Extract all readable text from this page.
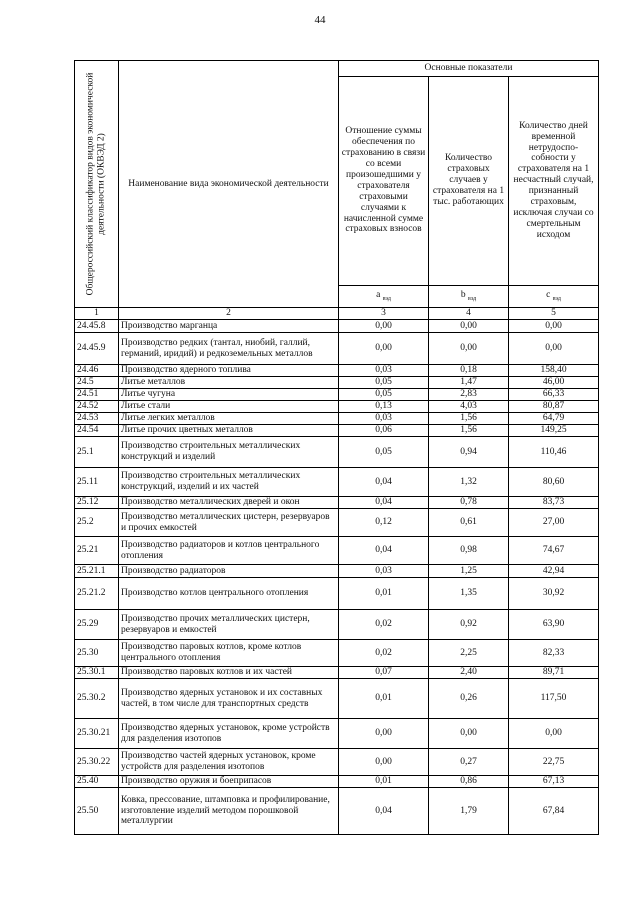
44
Общероссийский классификатор видов экономической деятельности (ОКВЭД 2)	Наименование вида экономической деятельности	Основные показатели		
		Отношение суммы обеспечения по страхованию в связи со всеми произошедшими у страхователя страховыми случаями к начисленной сумме страховых взносов	Количество страховых случаев у страхователя на 1 тыс. работающих	Количество дней временной нетрудоспо-собности у страхователя на 1 несчастный случай, признанный страховым, исключая случаи со смертельным исходом
		a $_{вэд}$	b $_{вэд}$	c $_{вэд}$
1	2	3	4	5
24.45.8	Производство марганца	0,00	0,00	0,00
24.45.9	Производство редких (тантал, ниобий, галлий, германий, иридий) и редкоземельных металлов	0,00	0,00	0,00
24.46	Производство ядерного топлива	0,03	0,18	158,40
24.5	Литье металлов	0,05	1,47	46,00
24.51	Литье чугуна	0,05	2,83	66,33
24.52	Литье стали	0,13	4,03	80,87
24.53	Литье легких металлов	0,03	1,56	64,79
24.54	Литье прочих цветных металлов	0,06	1,56	149,25
25.1	Производство строительных металлических конструкций и изделий	0,05	0,94	110,46
25.11	Производство строительных металлических конструкций, изделий и их частей	0,04	1,32	80,60
25.12	Производство металлических дверей и окон	0,04	0,78	83,73
25.2	Производство металлических цистерн, резервуаров и прочих емкостей	0,12	0,61	27,00
25.21	Производство радиаторов и котлов центрального отопления	0,04	0,98	74,67
25.21.1	Производство радиаторов	0,03	1,25	42,94
25.21.2	Производство котлов центрального отопления	0,01	1,35	30,92
25.29	Производство прочих металлических цистерн, резервуаров и емкостей	0,02	0,92	63,90
25.30	Производство паровых котлов, кроме котлов центрального отопления	0,02	2,25	82,33
25.30.1	Производство паровых котлов и их частей	0,07	2,40	89,71
25.30.2	Производство ядерных установок и их составных частей, в том числе для транспортных средств	0,01	0,26	117,50
25.30.21	Производство ядерных установок, кроме устройств для разделения изотопов	0,00	0,00	0,00
25.30.22	Производство частей ядерных установок, кроме устройств для разделения изотопов	0,00	0,27	22,75
25.40	Производство оружия и боеприпасов	0,01	0,86	67,13
25.50	Ковка, прессование, штамповка и профилирование, изготовление изделий методом порошковой металлургии	0,04	1,79	67,84
